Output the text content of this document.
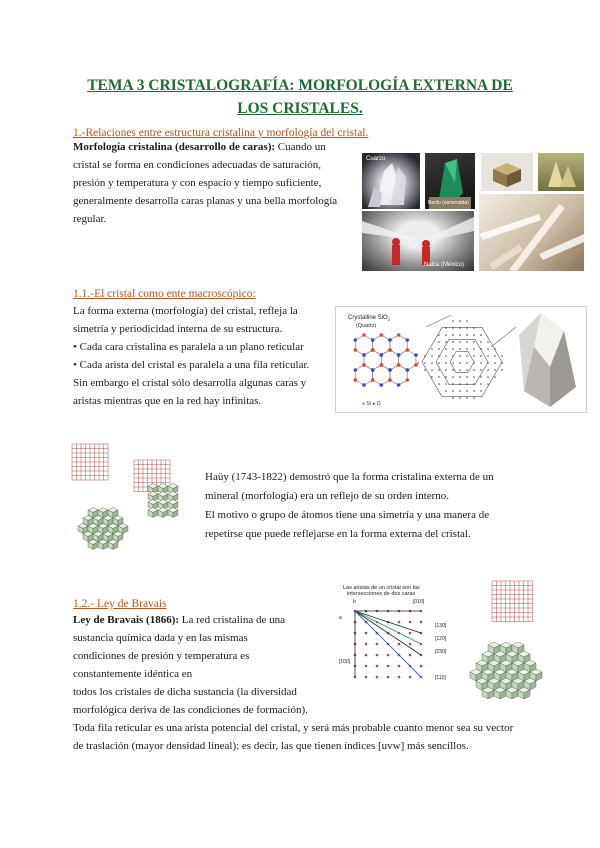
TEMA 3 CRISTALOGRAFÍA: MORFOLOGÍA EXTERNA DE
LOS CRISTALES.
1.-Relaciones entre estructura cristalina y morfología del cristal.
Morfología cristalina (desarrollo de caras): Cuando un
cristal se forma en condiciones adecuadas de saturación,
presión y temperatura y con espacio y tiempo suficiente,
generalmente desarrolla caras planas y una bella morfología
regular.
Cuarzo
Berilo (esmeralda)
Naica (México)
1.1.-El cristal como ente macroscópico:
La forma externa (morfología) del cristal, refleja la
simetría y periodicidad interna de su estructura.
• Cada cara cristalina es paralela a un plano reticular
• Cada arista del cristal es paralela a una fila reticular.
Sin embargo el cristal sólo desarrolla algunas caras y
aristas mientras que en la red hay infinitas.
Crystalline SiO$_2$
(Quartz)
● Si ● O
Haüy (1743-1822) demostró que la forma cristalina externa de un
mineral (morfología) era un reflejo de su orden interno.
El motivo o grupo de átomos tiene una simetría y una manera de
repetirse que puede reflejarse en la forma externa del cristal.
1.2.- Ley de Bravais
Ley de Bravais (1866): La red cristalina de una
sustancia química dada y en las mismas
condiciones de presión y temperatura es
constantemente idéntica en
todos los cristales de dicha sustancia (la diversidad
morfológica deriva de las condiciones de formación).
Toda fila reticular es una arista potencial del cristal, y será más probable cuanto menor sea su vector
de traslación (mayor densidad lineal): es decir, las que tienen índices [uvw] más sencillos.
Las aristas de un cristal son las
intersecciones de dos caras
b
a
[010]
[130]
[120]
[230]
[110]
[100]
